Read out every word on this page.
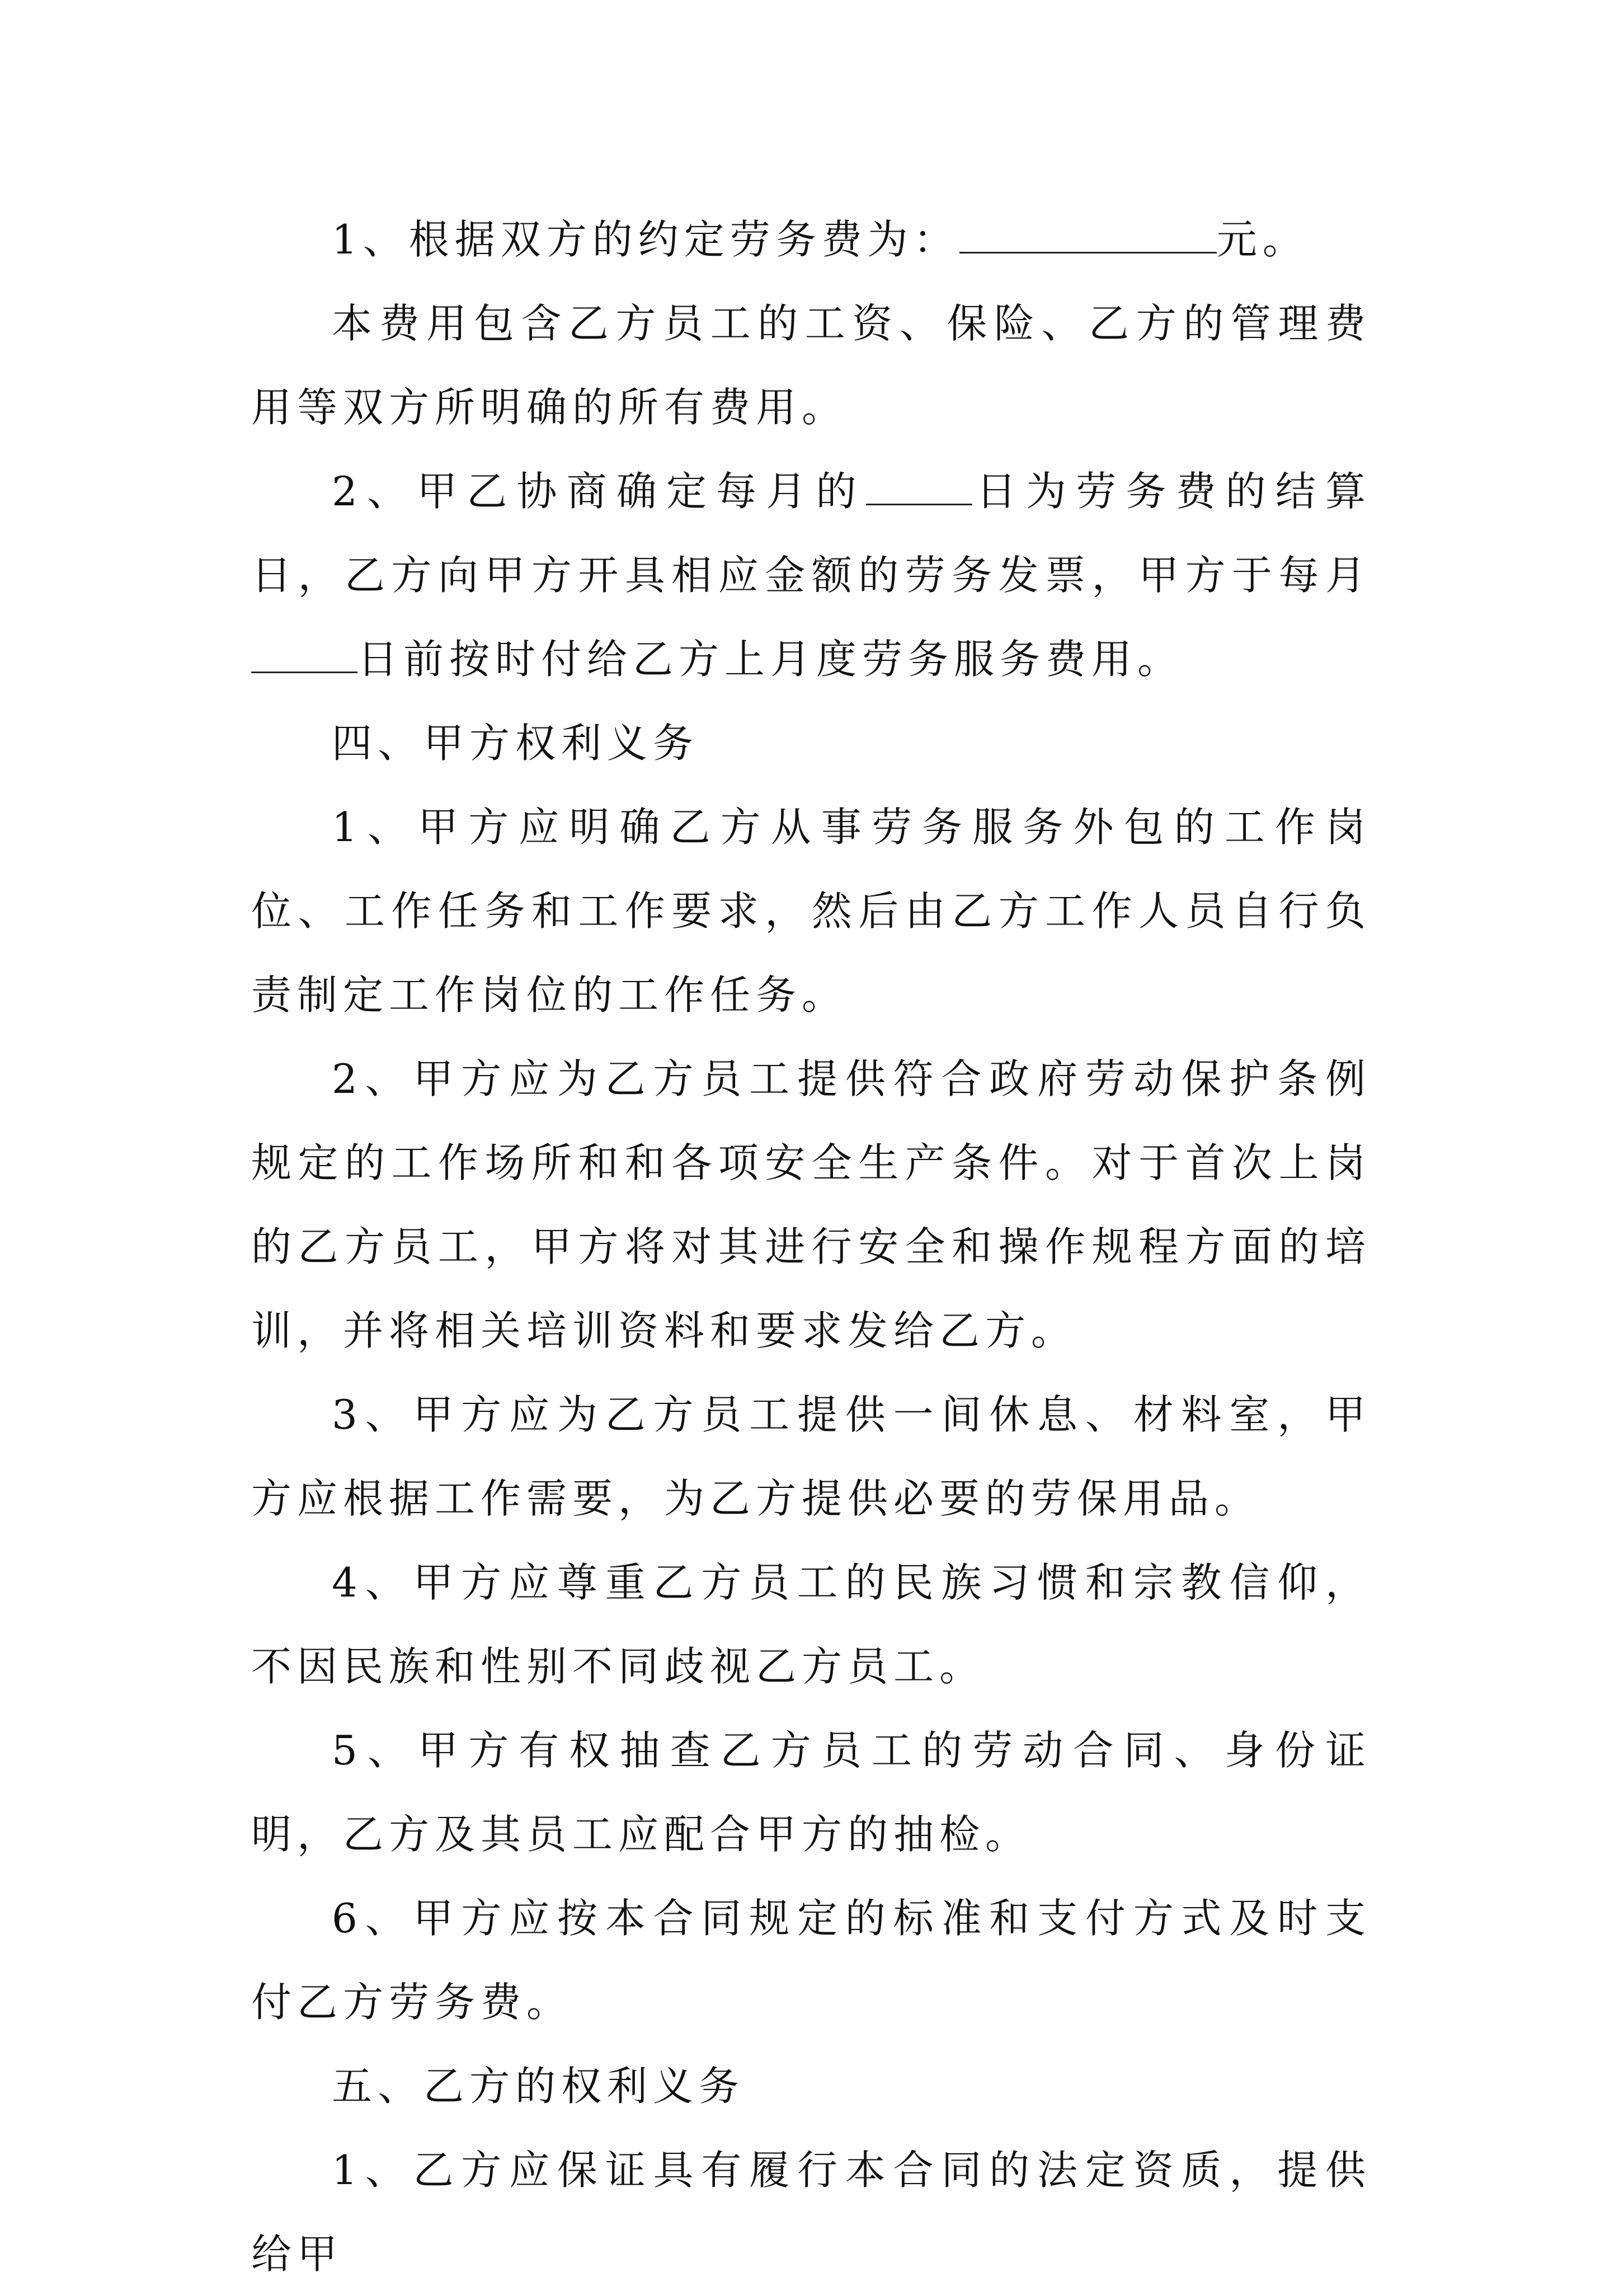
1、根据双方的约定劳务费为：	元。

本费用包含乙方员工的工资、保险、乙方的管理费用等双方所明确的所有费用。

2、甲乙协商确定每月的	日为劳务费的结算日，乙方向甲方开具相应金额的劳务发票，甲方于每月日前按时付给乙方上月度劳务服务费用。

四、甲方权利义务

1、甲方应明确乙方从事劳务服务外包的工作岗位、工作任务和工作要求，然后由乙方工作人员自行负责制定工作岗位的工作任务。

2、甲方应为乙方员工提供符合政府劳动保护条例规定的工作场所和和各项安全生产条件。对于首次上岗的乙方员工，甲方将对其进行安全和操作规程方面的培训，并将相关培训资料和要求发给乙方。

3、甲方应为乙方员工提供一间休息、材料室，甲方应根据工作需要，为乙方提供必要的劳保用品。

4、甲方应尊重乙方员工的民族习惯和宗教信仰，不因民族和性别不同歧视乙方员工。

5、甲方有权抽查乙方员工的劳动合同、身份证明，乙方及其员工应配合甲方的抽检。

6、甲方应按本合同规定的标准和支付方式及时支付乙方劳务费。

五、乙方的权利义务

1、乙方应保证具有履行本合同的法定资质，提供给甲
